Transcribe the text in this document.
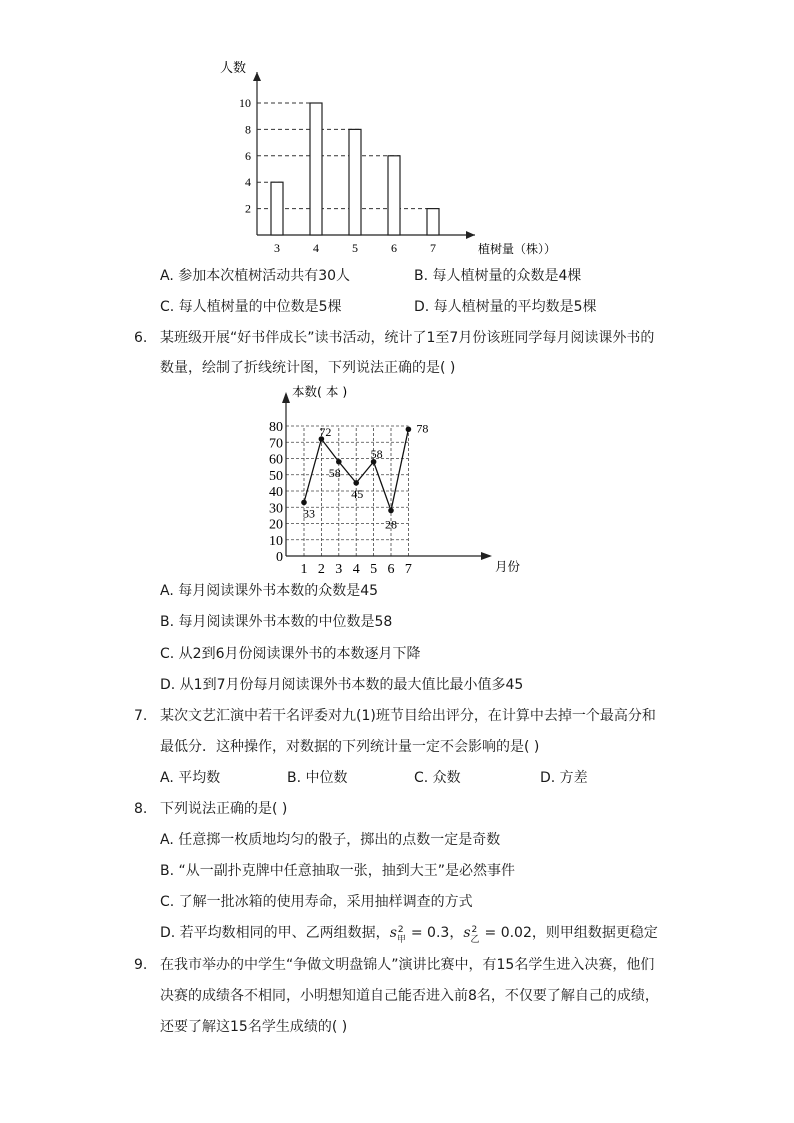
2
4
6
8
10
3	4	5	6	7
人数
植树量（株））
A. 参加本次植树活动共有30人	B. 每人植树量的众数是4棵
C. 每人植树量的中位数是5棵	D. 每人植树量的平均数是5棵
6. 某班级开展“好书伴成长”读书活动，统计了1至7月份该班同学每月阅读课外书的
数量，绘制了折线统计图，下列说法正确的是( )
0
10
20
30
40
50
60
70
80
1 2 3 4 5 6 7
33
72
58
45
58
28
78
本数( 本 )
月份
A. 每月阅读课外书本数的众数是45
B. 每月阅读课外书本数的中位数是58
C. 从2到6月份阅读课外书的本数逐月下降
D. 从1到7月份每月阅读课外书本数的最大值比最小值多45
7. 某次文艺汇演中若干名评委对九(1)班节目给出评分，在计算中去掉一个最高分和
最低分．这种操作，对数据的下列统计量一定不会影响的是( )
A. 平均数	B. 中位数	C. 众数	D. 方差
8. 下列说法正确的是( )
A. 任意掷一枚质地均匀的骰子，掷出的点数一定是奇数
B. “从一副扑克牌中任意抽取一张，抽到大王”是必然事件
C. 了解一批冰箱的使用寿命，采用抽样调查的方式
D. 若平均数相同的甲、乙两组数据，s 2
甲 = 0.3，s 2
乙 = 0.02，则甲组数据更稳定
9. 在我市举办的中学生“争做文明盘锦人”演讲比赛中，有15名学生进入决赛，他们
决赛的成绩各不相同，小明想知道自己能否进入前8名，不仅要了解自己的成绩，
还要了解这15名学生成绩的( )
